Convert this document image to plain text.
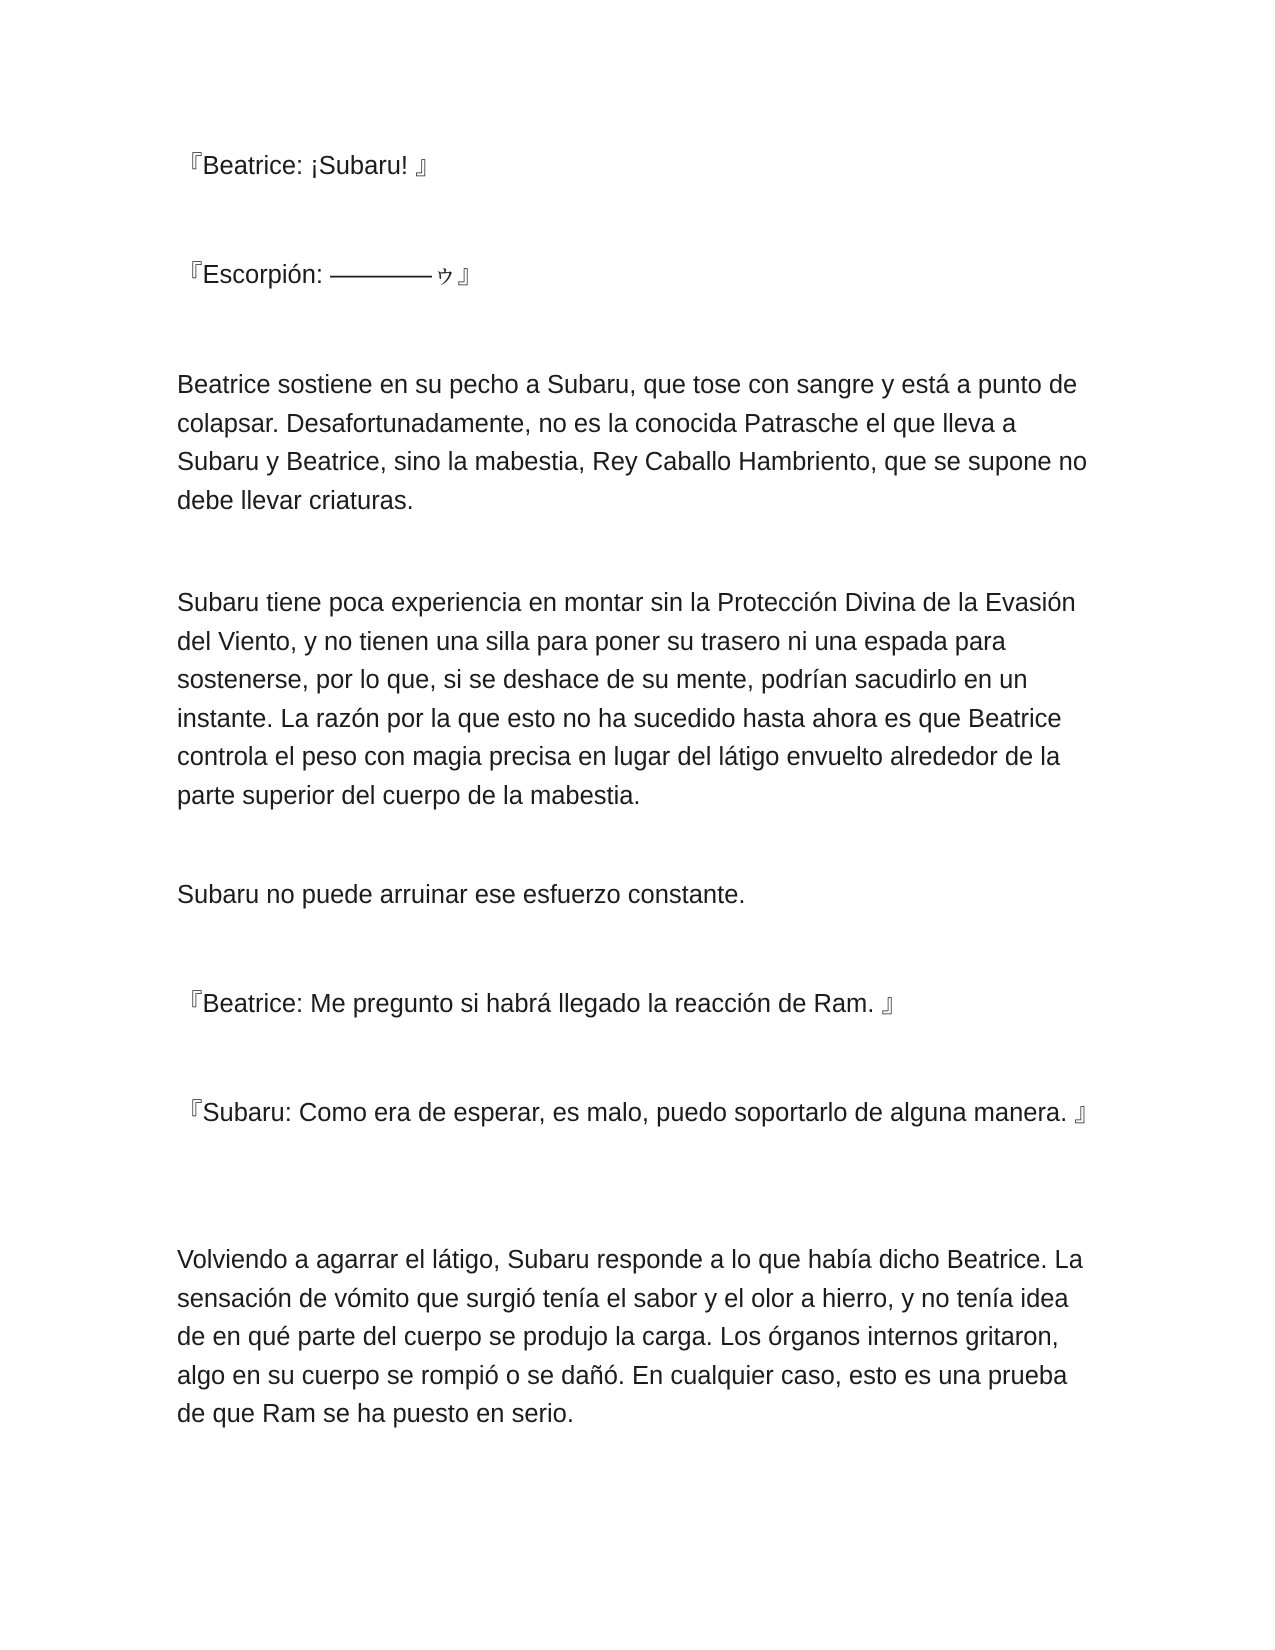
『Beatrice: ¡Subaru! 』

『Escorpión: ————ゥ』

Beatrice sostiene en su pecho a Subaru, que tose con sangre y está a punto de colapsar. Desafortunadamente, no es la conocida Patrasche el que lleva a Subaru y Beatrice, sino la mabestia, Rey Caballo Hambriento, que se supone no debe llevar criaturas.

Subaru tiene poca experiencia en montar sin la Protección Divina de la Evasión del Viento, y no tienen una silla para poner su trasero ni una espada para sostenerse, por lo que, si se deshace de su mente, podrían sacudirlo en un instante. La razón por la que esto no ha sucedido hasta ahora es que Beatrice controla el peso con magia precisa en lugar del látigo envuelto alrededor de la parte superior del cuerpo de la mabestia.

Subaru no puede arruinar ese esfuerzo constante.

『Beatrice: Me pregunto si habrá llegado la reacción de Ram. 』

『Subaru: Como era de esperar, es malo, puedo soportarlo de alguna manera. 』

Volviendo a agarrar el látigo, Subaru responde a lo que había dicho Beatrice. La sensación de vómito que surgió tenía el sabor y el olor a hierro, y no tenía idea de en qué parte del cuerpo se produjo la carga. Los órganos internos gritaron, algo en su cuerpo se rompió o se dañó. En cualquier caso, esto es una prueba de que Ram se ha puesto en serio.
